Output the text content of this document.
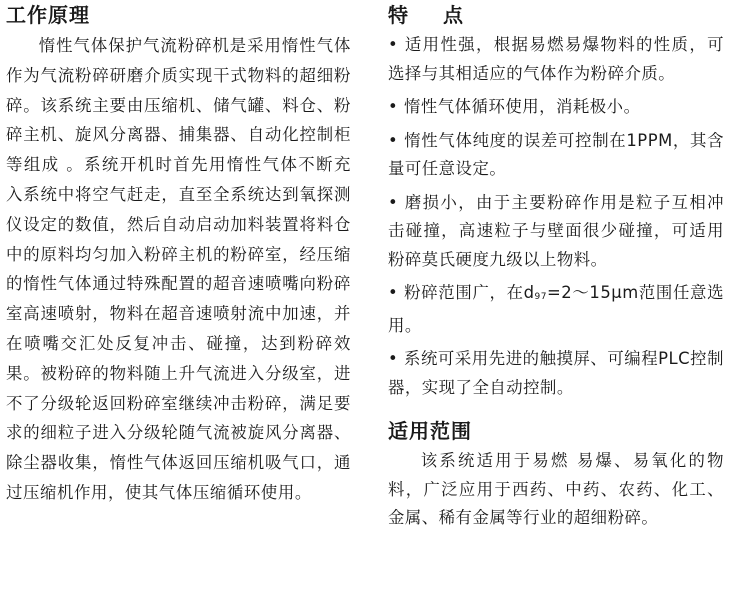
工作原理

惰性气体保护气流粉碎机是采用惰性气体作为气流粉碎研磨介质实现干式物料的超细粉碎。该系统主要由压缩机、储气罐、料仓、粉碎主机、旋风分离器、捕集器、自动化控制柜等组成 。系统开机时首先用惰性气体不断充入系统中将空气赶走，直至全系统达到氧探测仪设定的数值，然后自动启动加料装置将料仓中的原料均匀加入粉碎主机的粉碎室，经压缩的惰性气体通过特殊配置的超音速喷嘴向粉碎室高速喷射，物料在超音速喷射流中加速，并在喷嘴交汇处反复冲击、碰撞，达到粉碎效果。被粉碎的物料随上升气流进入分级室，进不了分级轮返回粉碎室继续冲击粉碎，满足要求的细粒子进入分级轮随气流被旋风分离器、除尘器收集，惰性气体返回压缩机吸气口，通过压缩机作用，使其气体压缩循环使用。

特 点

• 适用性强，根据易燃易爆物料的性质，可选择与其相适应的气体作为粉碎介质。

• 惰性气体循环使用，消耗极小。

• 惰性气体纯度的误差可控制在1PPM，其含量可任意设定。

• 磨损小，由于主要粉碎作用是粒子互相冲击碰撞，高速粒子与壁面很少碰撞，可适用粉碎莫氏硬度九级以上物料。

• 粉碎范围广，在$d_{97}=2\sim 15\mu m$范围任意选用。

• 系统可采用先进的触摸屏、可编程PLC控制器，实现了全自动控制。

适用范围

该系统适用于易燃 易爆、易氧化的物料，广泛应用于西药、中药、农药、化工、金属、稀有金属等行业的超细粉碎。
